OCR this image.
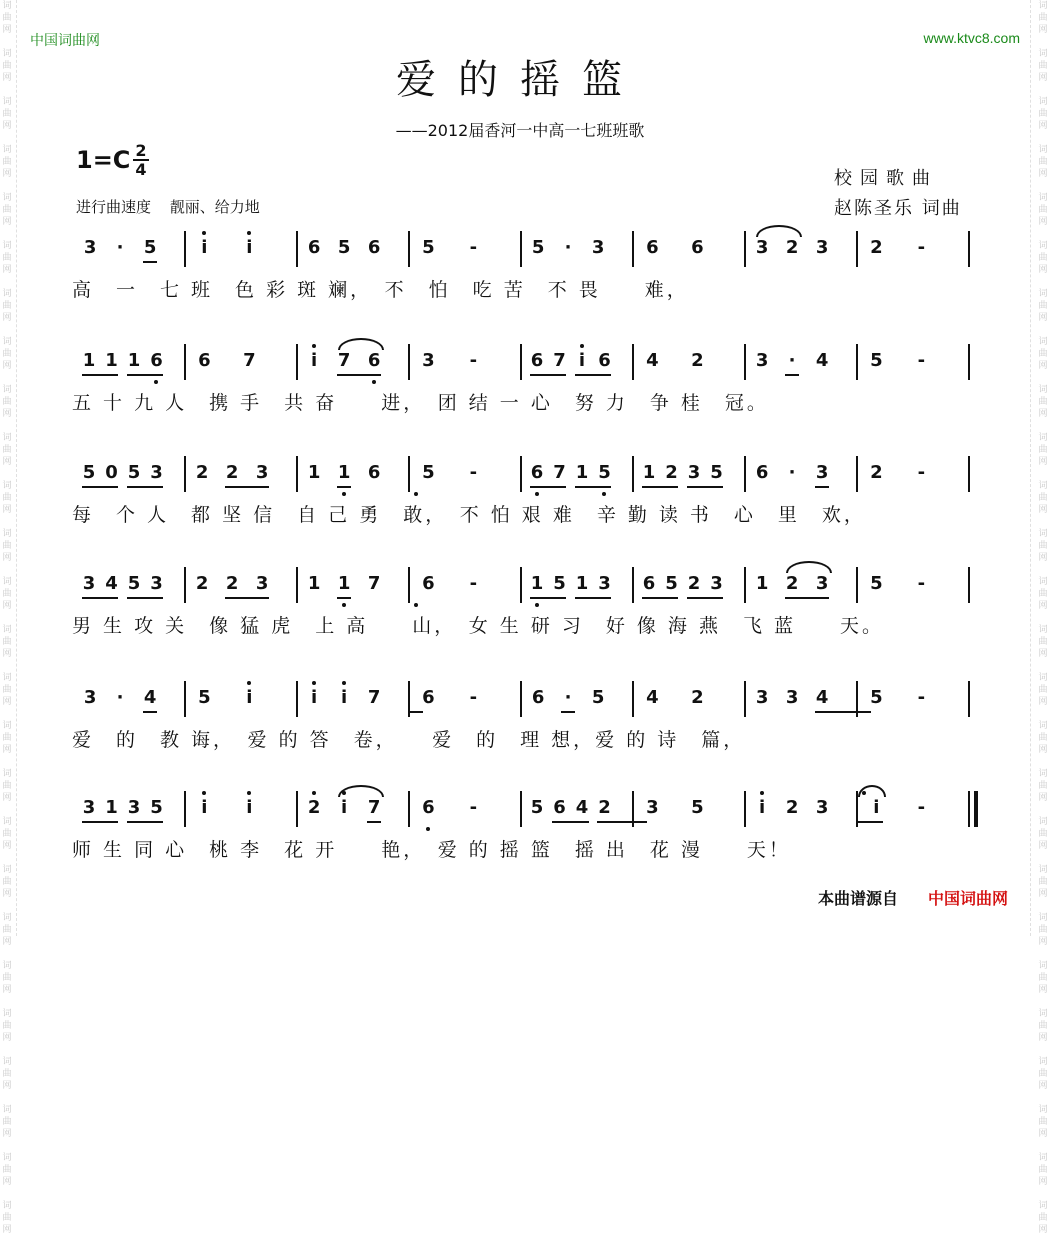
词
曲
网

词
曲
网

词
曲
网

词
曲
网

词
曲
网

词
曲
网

词
曲
网

词
曲
网

词
曲
网

词
曲
网

词
曲
网

词
曲
网

词
曲
网

词
曲
网

词
曲
网

词
曲
网

词
曲
网

词
曲
网

词
曲
网

词
曲
网

词
曲
网

词
曲
网

词
曲
网

词
曲
网

词
曲
网

词
曲
网

词
曲
网

词
曲
网

词
曲
网

词
曲
网

词
曲
网

词
曲
网

词
曲
网

词
曲
网

词
曲
网

词
曲
网

词
曲
网

词
曲
网

词
曲
网

词
曲
网

词
曲
网

词
曲
网

词
曲
网

词
曲
网

词
曲
网

词
曲
网

词
曲
网

词
曲
网

词
曲
网

词
曲
网

词
曲
网

词
曲
网

中国词曲网	www.ktvc8.com
爱的摇篮
——2012届香河一中高一七班班歌
$1=C \frac{2}{4}$
进行曲速度 靓丽、给力地
校园歌曲
赵陈圣乐 词曲
3 · 5 i i	6 5 6 5 -	5 · 3 6 6	3 2 3 2 -
高　一　七 班　色 彩 斑 斓，　不　怕　吃 苦　不 畏　　难，
1 1 1 6 6 7	i 7 6 3 -	6 7 i 6 4 2	3 · 4 5 -
五 十 九 人　携 手　共 奋　　进，　团 结 一 心　努 力　争 桂　冠。
5 0 5 3 2 2 3 1 1 6 5 -	6 7 1 5 1 2 3 5 6 · 3 2 -
每　个 人　都 坚 信　自 己 勇　敢，　不 怕 艰 难　辛 勤 读 书　心　里　欢，
3 4 5 3 2 2 3 1 1 7 6 -	1 5 1 3 6 5 2 3 1 2 3 5 -
男 生 攻 关　像 猛 虎　上 高　　山，　女 生 研 习　好 像 海 燕　飞 蓝　　天。
3 · 4 5 i	i i 7 6 -	6 · 5 4 2	3 3 4 5 -
爱　的　教 诲，　爱 的 答　卷，　　爱　的　理 想，爱 的 诗　篇，
3 1 3 5 i i	2 i 7 6 -	5 6 4 2 3 5	i 2 3 i -
师 生 同 心　桃 李　花 开　　艳，　爱 的 摇 篮　摇 出　花 漫　　天！
本曲谱源自 中国词曲网
